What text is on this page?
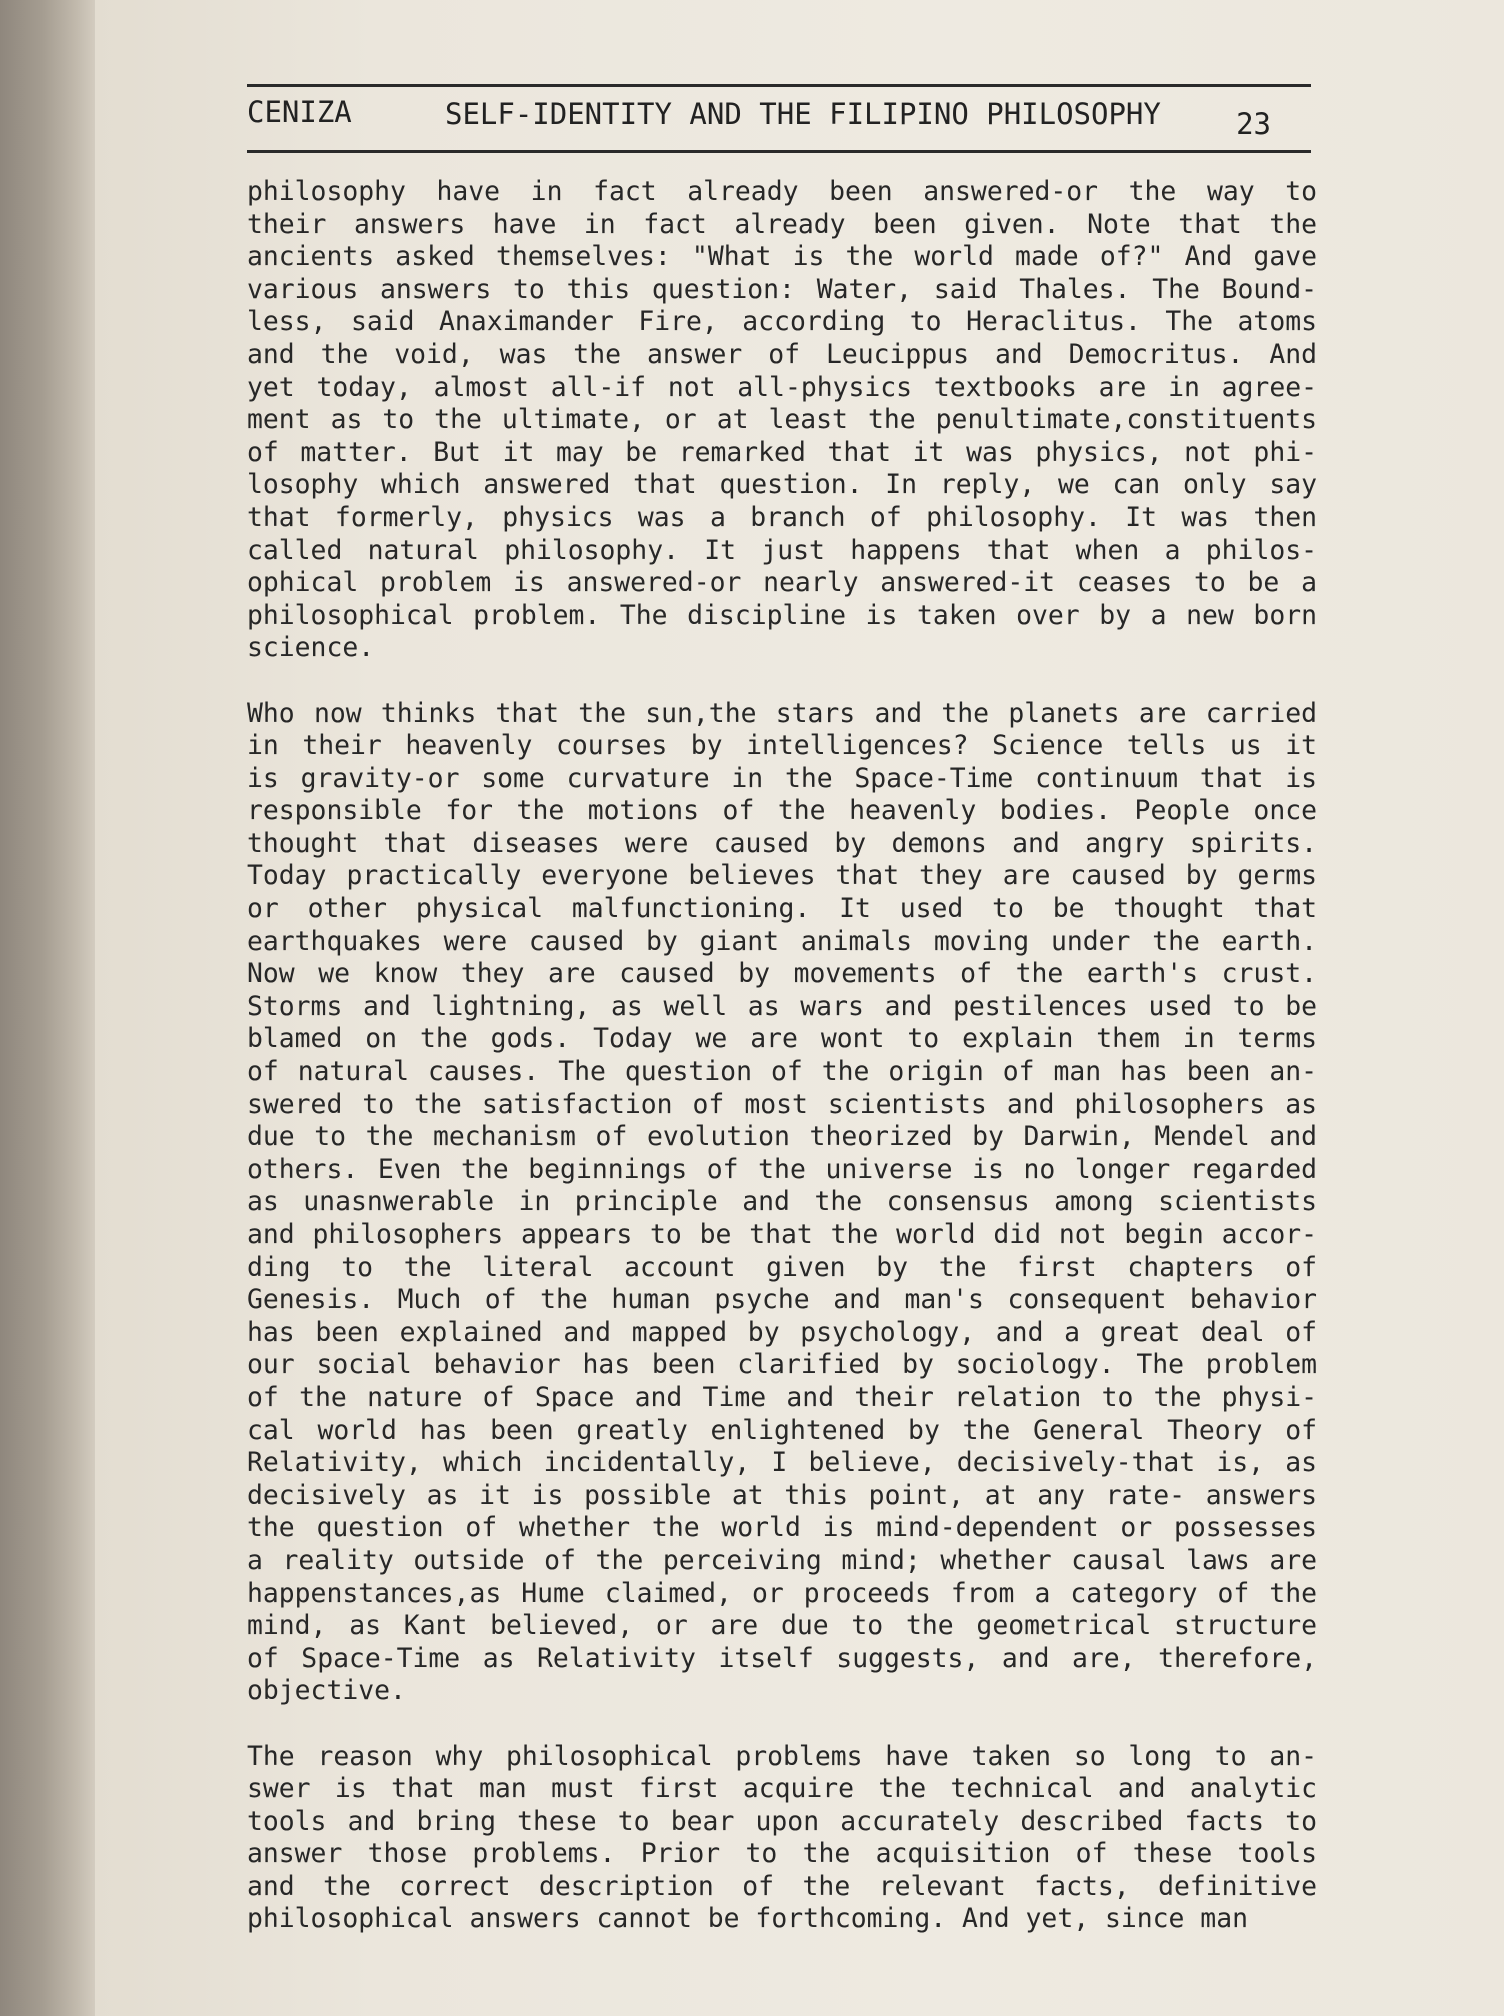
CENIZA	SELF-IDENTITY AND THE FILIPINO PHILOSOPHY	23
philosophy have in fact already been answered-or the way to
their answers have in fact already been given. Note that the
ancients asked themselves: "What is the world made of?" And gave
various answers to this question: Water, said Thales. The Bound-
less, said Anaximander Fire, according to Heraclitus. The atoms
and the void, was the answer of Leucippus and Democritus. And
yet today, almost all-if not all-physics textbooks are in agree-
ment as to the ultimate, or at least the penultimate,constituents
of matter. But it may be remarked that it was physics, not phi-
losophy which answered that question. In reply, we can only say
that formerly, physics was a branch of philosophy. It was then
called natural philosophy. It just happens that when a philos-
ophical problem is answered-or nearly answered-it ceases to be a
philosophical problem. The discipline is taken over by a new born
science.
Who now thinks that the sun,the stars and the planets are carried
in their heavenly courses by intelligences? Science tells us it
is gravity-or some curvature in the Space-Time continuum that is
responsible for the motions of the heavenly bodies. People once
thought that diseases were caused by demons and angry spirits.
Today practically everyone believes that they are caused by germs
or other physical malfunctioning. It used to be thought that
earthquakes were caused by giant animals moving under the earth.
Now we know they are caused by movements of the earth's crust.
Storms and lightning, as well as wars and pestilences used to be
blamed on the gods. Today we are wont to explain them in terms
of natural causes. The question of the origin of man has been an-
swered to the satisfaction of most scientists and philosophers as
due to the mechanism of evolution theorized by Darwin, Mendel and
others. Even the beginnings of the universe is no longer regarded
as unasnwerable in principle and the consensus among scientists
and philosophers appears to be that the world did not begin accor-
ding to the literal account given by the first chapters of
Genesis. Much of the human psyche and man's consequent behavior
has been explained and mapped by psychology, and a great deal of
our social behavior has been clarified by sociology. The problem
of the nature of Space and Time and their relation to the physi-
cal world has been greatly enlightened by the General Theory of
Relativity, which incidentally, I believe, decisively-that is, as
decisively as it is possible at this point, at any rate- answers
the question of whether the world is mind-dependent or possesses
a reality outside of the perceiving mind; whether causal laws are
happenstances,as Hume claimed, or proceeds from a category of the
mind, as Kant believed, or are due to the geometrical structure
of Space-Time as Relativity itself suggests, and are, therefore,
objective.
The reason why philosophical problems have taken so long to an-
swer is that man must first acquire the technical and analytic
tools and bring these to bear upon accurately described facts to
answer those problems. Prior to the acquisition of these tools
and the correct description of the relevant facts, definitive
philosophical answers cannot be forthcoming. And yet, since man
